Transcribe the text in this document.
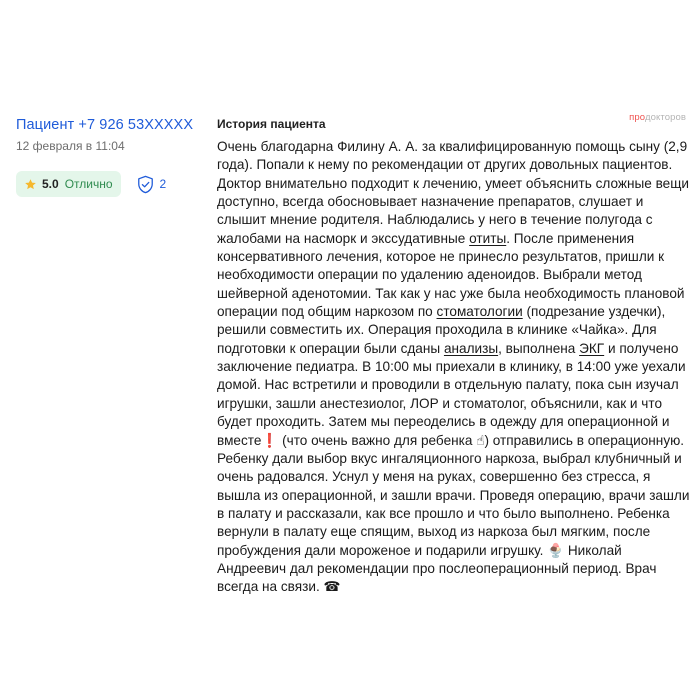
Пациент +7 926 53XXXXX
12 февраля в 11:04
5.0 Отлично	2
продокторов
История пациента
Очень благодарна Филину А. А. за квалифицированную помощь сыну (2,9 года). Попали к нему по рекомендации от других довольных пациентов. Доктор внимательно подходит к лечению, умеет объяснить сложные вещи доступно, всегда обосновывает назначение препаратов, слушает и слышит мнение родителя. Наблюдались у него в течение полугода с жалобами на насморк и экссудативные отиты. После применения консервативного лечения, которое не принесло результатов, пришли к необходимости операции по удалению аденоидов. Выбрали метод шейверной аденотомии. Так как у нас уже была необходимость плановой операции под общим наркозом по стоматологии (подрезание уздечки), решили совместить их. Операция проходила в клинике «Чайка». Для подготовки к операции были сданы анализы, выполнена ЭКГ и получено заключение педиатра. В 10:00 мы приехали в клинику, в 14:00 уже уехали домой. Нас встретили и проводили в отдельную палату, пока сын изучал игрушки, зашли анестезиолог, ЛОР и стоматолог, объяснили, как и что будет проходить. Затем мы переоделись в одежду для операционной и вместе❗ (что очень важно для ребенка ☝) отправились в операционную. Ребенку дали выбор вкус ингаляционного наркоза, выбрал клубничный и очень радовался. Уснул у меня на руках, совершенно без стресса, я вышла из операционной, и зашли врачи. Проведя операцию, врачи зашли в палату и рассказали, как все прошло и что было выполнено. Ребенка вернули в палату еще спящим, выход из наркоза был мягким, после пробуждения дали мороженое и подарили игрушку. 🍨 Николай Андреевич дал рекомендации про послеоперационный период. Врач всегда на связи. ☎
